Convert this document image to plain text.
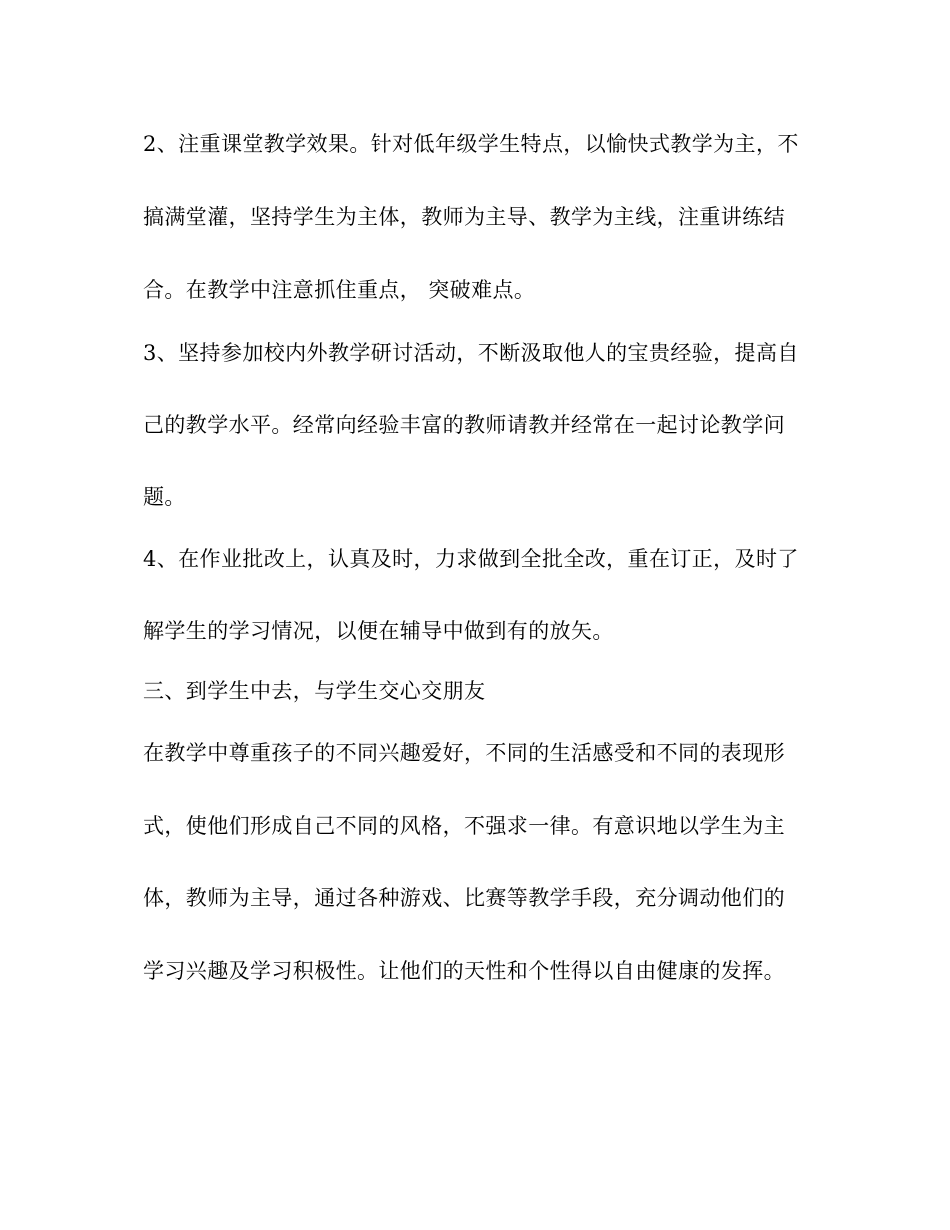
2、注重课堂教学效果。针对低年级学生特点，以愉快式教学为主，不
搞满堂灌，坚持学生为主体，教师为主导、教学为主线，注重讲练结
合。在教学中注意抓住重点， 突破难点。
3、坚持参加校内外教学研讨活动，不断汲取他人的宝贵经验，提高自
己的教学水平。经常向经验丰富的教师请教并经常在一起讨论教学问
题。
4、在作业批改上，认真及时，力求做到全批全改，重在订正，及时了
解学生的学习情况，以便在辅导中做到有的放矢。
三、到学生中去，与学生交心交朋友
在教学中尊重孩子的不同兴趣爱好，不同的生活感受和不同的表现形
式，使他们形成自己不同的风格，不强求一律。有意识地以学生为主
体，教师为主导，通过各种游戏、比赛等教学手段，充分调动他们的
学习兴趣及学习积极性。让他们的天性和个性得以自由健康的发挥。
